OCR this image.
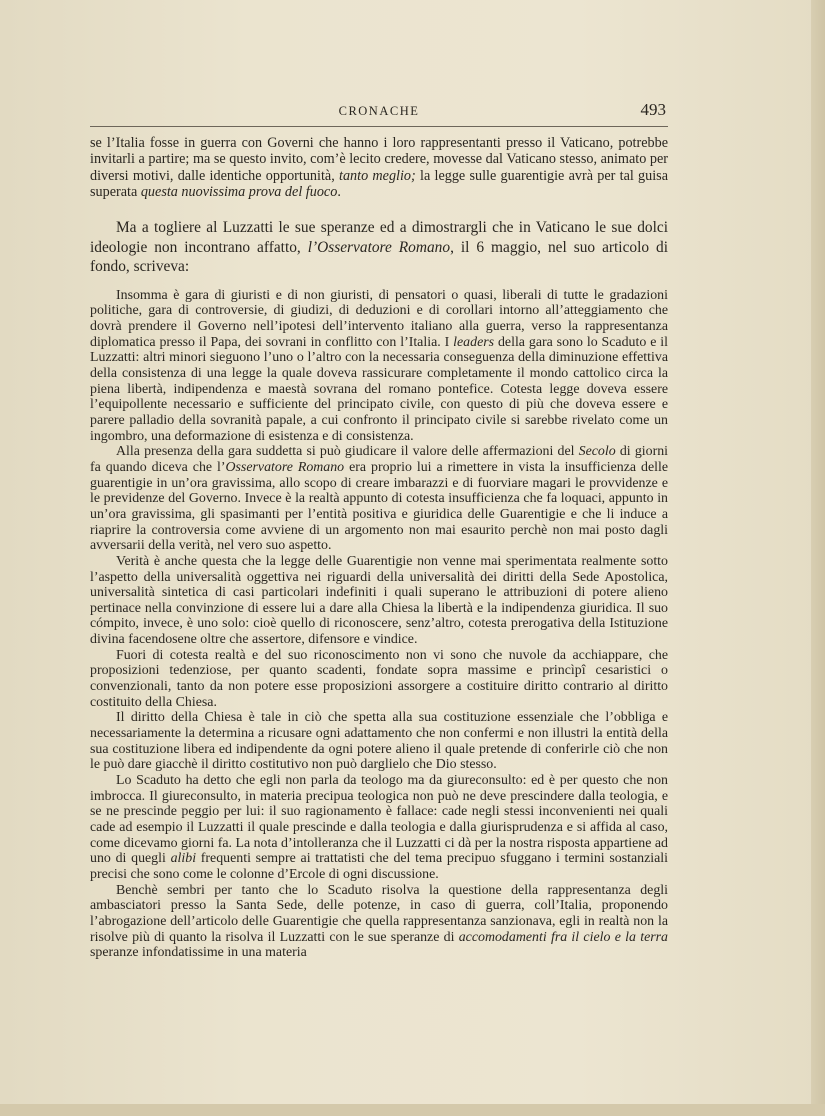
CRONACHE	493

se l’Italia fosse in guerra con Governi che hanno i loro rappresentanti presso il Vaticano, potrebbe invitarli a partire; ma se questo invito, com’è lecito credere, movesse dal Vaticano stesso, animato per diversi motivi, dalle identiche opportunità, tanto meglio; la legge sulle guarentigie avrà per tal guisa superata questa nuovissima prova del fuoco.

Ma a togliere al Luzzatti le sue speranze ed a dimostrargli che in Vaticano le sue dolci ideologie non incontrano affatto, l’Osservatore Romano, il 6 maggio, nel suo articolo di fondo, scriveva:

Insomma è gara di giuristi e di non giuristi, di pensatori o quasi, liberali di tutte le gradazioni politiche, gara di controversie, di giudizi, di deduzioni e di corollari intorno all’atteggiamento che dovrà prendere il Governo nell’ipotesi dell’intervento italiano alla guerra, verso la rappresentanza diplomatica presso il Papa, dei sovrani in conflitto con l’Italia. I leaders della gara sono lo Scaduto e il Luzzatti: altri minori sieguono l’uno o l’altro con la necessaria conseguenza della diminuzione effettiva della consistenza di una legge la quale doveva rassicurare completamente il mondo cattolico circa la piena libertà, indipendenza e maestà sovrana del romano pontefice. Cotesta legge doveva essere l’equipollente necessario e sufficiente del principato civile, con questo di più che doveva essere e parere palladio della sovranità papale, a cui confronto il principato civile si sarebbe rivelato come un ingombro, una deformazione di esistenza e di consistenza.

Alla presenza della gara suddetta si può giudicare il valore delle affermazioni del Secolo di giorni fa quando diceva che l’Osservatore Romano era proprio lui a rimettere in vista la insufficienza delle guarentigie in un’ora gravissima, allo scopo di creare imbarazzi e di fuorviare magari le provvidenze e le previdenze del Governo. Invece è la realtà appunto di cotesta insufficienza che fa loquaci, appunto in un’ora gravissima, gli spasimanti per l’entità positiva e giuridica delle Guarentigie e che li induce a riaprire la controversia come avviene di un argomento non mai esaurito perchè non mai posto dagli avversarii della verità, nel vero suo aspetto.

Verità è anche questa che la legge delle Guarentigie non venne mai sperimentata realmente sotto l’aspetto della universalità oggettiva nei riguardi della universalità dei diritti della Sede Apostolica, universalità sintetica di casi particolari indefiniti i quali superano le attribuzioni di potere alieno pertinace nella convinzione di essere lui a dare alla Chiesa la libertà e la indipendenza giuridica. Il suo cómpito, invece, è uno solo: cioè quello di riconoscere, senz’altro, cotesta prerogativa della Istituzione divina facendosene oltre che assertore, difensore e vindice.

Fuori di cotesta realtà e del suo riconoscimento non vi sono che nuvole da acchiappare, che proposizioni tedenziose, per quanto scadenti, fondate sopra massime e princìpî cesaristici o convenzionali, tanto da non potere esse proposizioni assorgere a costituire diritto contrario al diritto costituito della Chiesa.

Il diritto della Chiesa è tale in ciò che spetta alla sua costituzione essenziale che l’obbliga e necessariamente la determina a ricusare ogni adattamento che non confermi e non illustri la entità della sua costituzione libera ed indipendente da ogni potere alieno il quale pretende di conferirle ciò che non le può dare giacchè il diritto costitutivo non può darglielo che Dio stesso.

Lo Scaduto ha detto che egli non parla da teologo ma da giureconsulto: ed è per questo che non imbrocca. Il giureconsulto, in materia precipua teologica non può ne deve prescindere dalla teologia, e se ne prescinde peggio per lui: il suo ragionamento è fallace: cade negli stessi inconvenienti nei quali cade ad esempio il Luzzatti il quale prescinde e dalla teologia e dalla giurisprudenza e si affida al caso, come dicevamo giorni fa. La nota d’intolleranza che il Luzzatti ci dà per la nostra risposta appartiene ad uno di quegli alibi frequenti sempre ai trattatisti che del tema precipuo sfuggano i termini sostanziali precisi che sono come le colonne d’Ercole di ogni discussione.

Benchè sembri per tanto che lo Scaduto risolva la questione della rappresentanza degli ambasciatori presso la Santa Sede, delle potenze, in caso di guerra, coll’Italia, proponendo l’abrogazione dell’articolo delle Guarentigie che quella rappresentanza sanzionava, egli in realtà non la risolve più di quanto la risolva il Luzzatti con le sue speranze di accomodamenti fra il cielo e la terra speranze infondatissime in una materia
